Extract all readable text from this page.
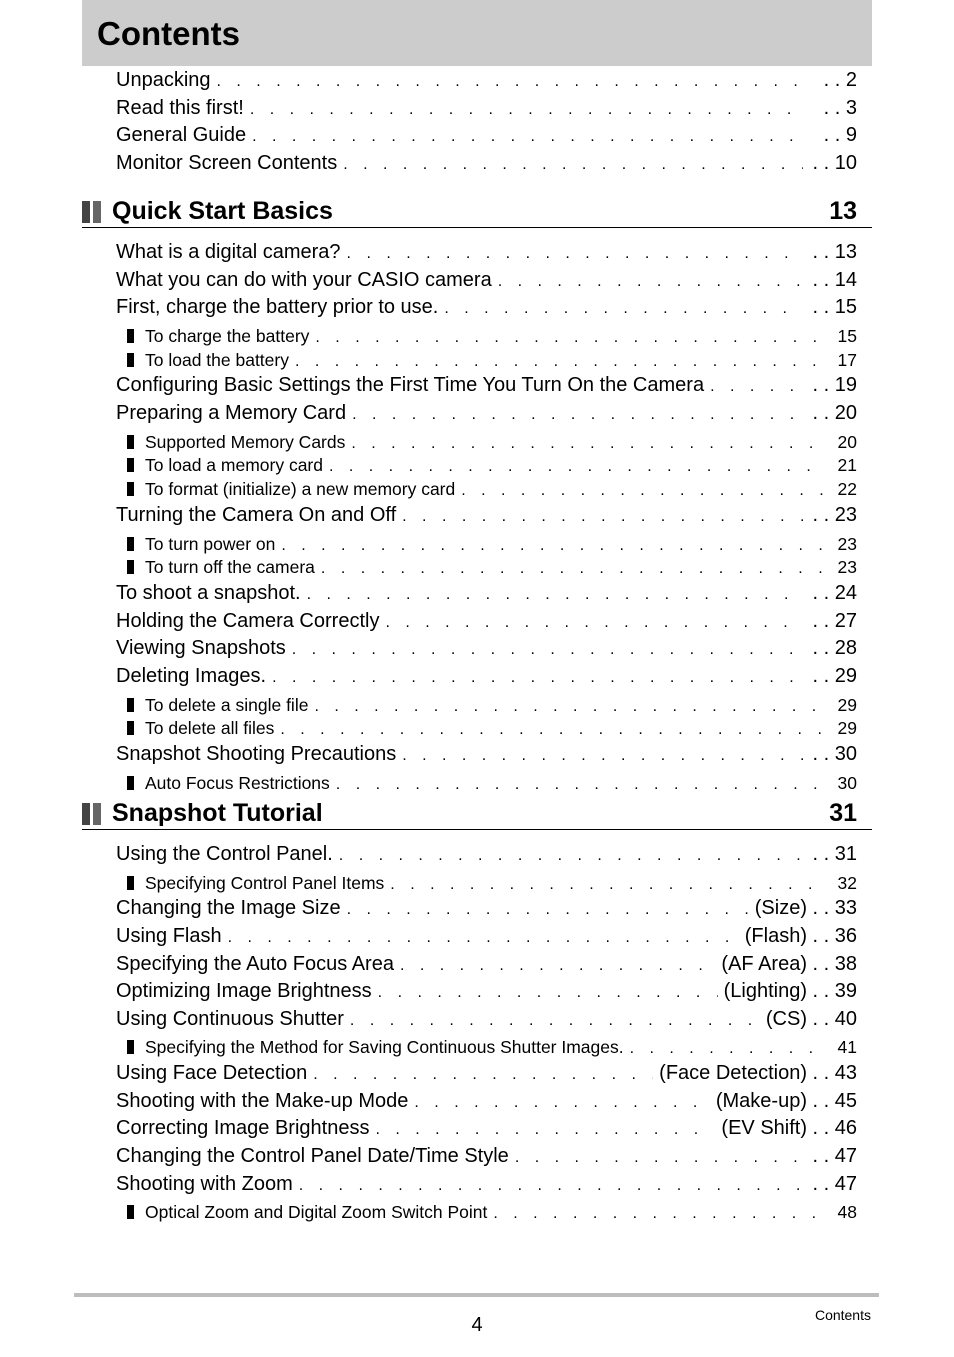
Contents
Unpacking . . .	. . 2
Read this first! . . .	. . 3
General Guide . . .	. . 9
Monitor Screen Contents . . .	. . 10
Quick Start Basics	13
What is a digital camera? . . .	. . 13
What you can do with your CASIO camera . . .	. . 14
First, charge the battery prior to use. . . .	. . 15
To charge the battery . . .	15
To load the battery . . .	17
Configuring Basic Settings the First Time You Turn On the Camera . . .	. . 19
Preparing a Memory Card . . .	. . 20
Supported Memory Cards . . .	20
To load a memory card . . .	21
To format (initialize) a new memory card . . .	22
Turning the Camera On and Off . . .	. . 23
To turn power on . . .	23
To turn off the camera . . .	23
To shoot a snapshot. . . .	. . 24
Holding the Camera Correctly . . .	. . 27
Viewing Snapshots . . .	. . 28
Deleting Images. . . .	. . 29
To delete a single file . . .	29
To delete all files . . .	29
Snapshot Shooting Precautions . . .	. . 30
Auto Focus Restrictions . . .	30
Snapshot Tutorial	31
Using the Control Panel. . . .	. . 31
Specifying Control Panel Items . . .	32
Changing the Image Size . . .	(Size)	. . 33
Using Flash . . .	(Flash)	. . 36
Specifying the Auto Focus Area . . .	(AF Area)	. . 38
Optimizing Image Brightness . . .	(Lighting)	. . 39
Using Continuous Shutter . . .	(CS)	. . 40
Specifying the Method for Saving Continuous Shutter Images. . . .	41
Using Face Detection . . .	(Face Detection)	. . 43
Shooting with the Make-up Mode . . .	(Make-up)	. . 45
Correcting Image Brightness . . .	(EV Shift)	. . 46
Changing the Control Panel Date/Time Style . . .	. . 47
Shooting with Zoom . . .	. . 47
Optical Zoom and Digital Zoom Switch Point . . .	48
4	Contents
